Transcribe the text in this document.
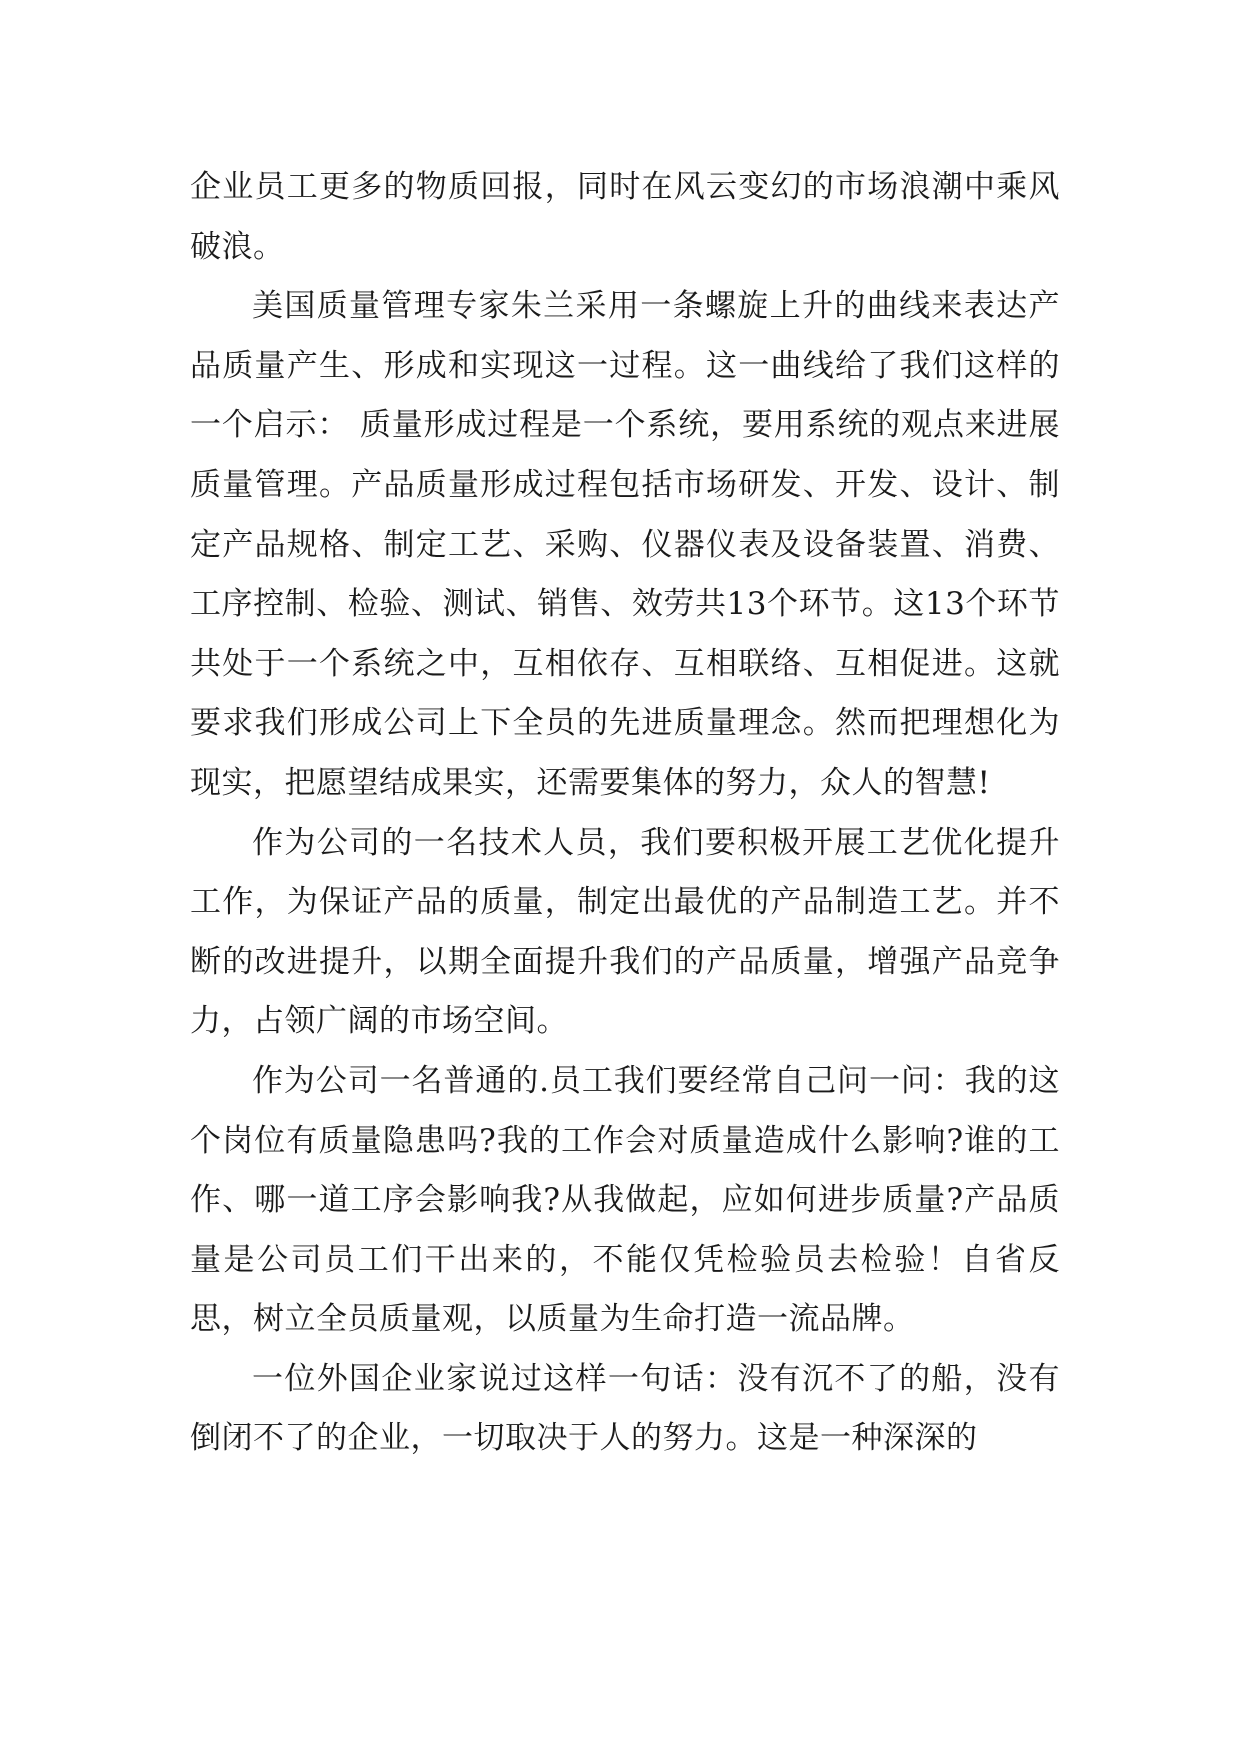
企业员工更多的物质回报，同时在风云变幻的市场浪潮中乘风破浪。

美国质量管理专家朱兰采用一条螺旋上升的曲线来表达产品质量产生、形成和实现这一过程。这一曲线给了我们这样的一个启示： 质量形成过程是一个系统，要用系统的观点来进展质量管理。产品质量形成过程包括市场研发、开发、设计、制定产品规格、制定工艺、采购、仪器仪表及设备装置、消费、工序控制、检验、测试、销售、效劳共13个环节。这13个环节共处于一个系统之中，互相依存、互相联络、互相促进。这就要求我们形成公司上下全员的先进质量理念。然而把理想化为现实，把愿望结成果实，还需要集体的努力，众人的智慧!

作为公司的一名技术人员，我们要积极开展工艺优化提升工作，为保证产品的质量，制定出最优的产品制造工艺。并不断的改进提升，以期全面提升我们的产品质量，增强产品竞争力，占领广阔的市场空间。

作为公司一名普通的.员工我们要经常自己问一问：我的这个岗位有质量隐患吗?我的工作会对质量造成什么影响?谁的工作、哪一道工序会影响我?从我做起，应如何进步质量?产品质量是公司员工们干出来的，不能仅凭检验员去检验！自省反思，树立全员质量观，以质量为生命打造一流品牌。

一位外国企业家说过这样一句话：没有沉不了的船，没有倒闭不了的企业，一切取决于人的努力。这是一种深深的
